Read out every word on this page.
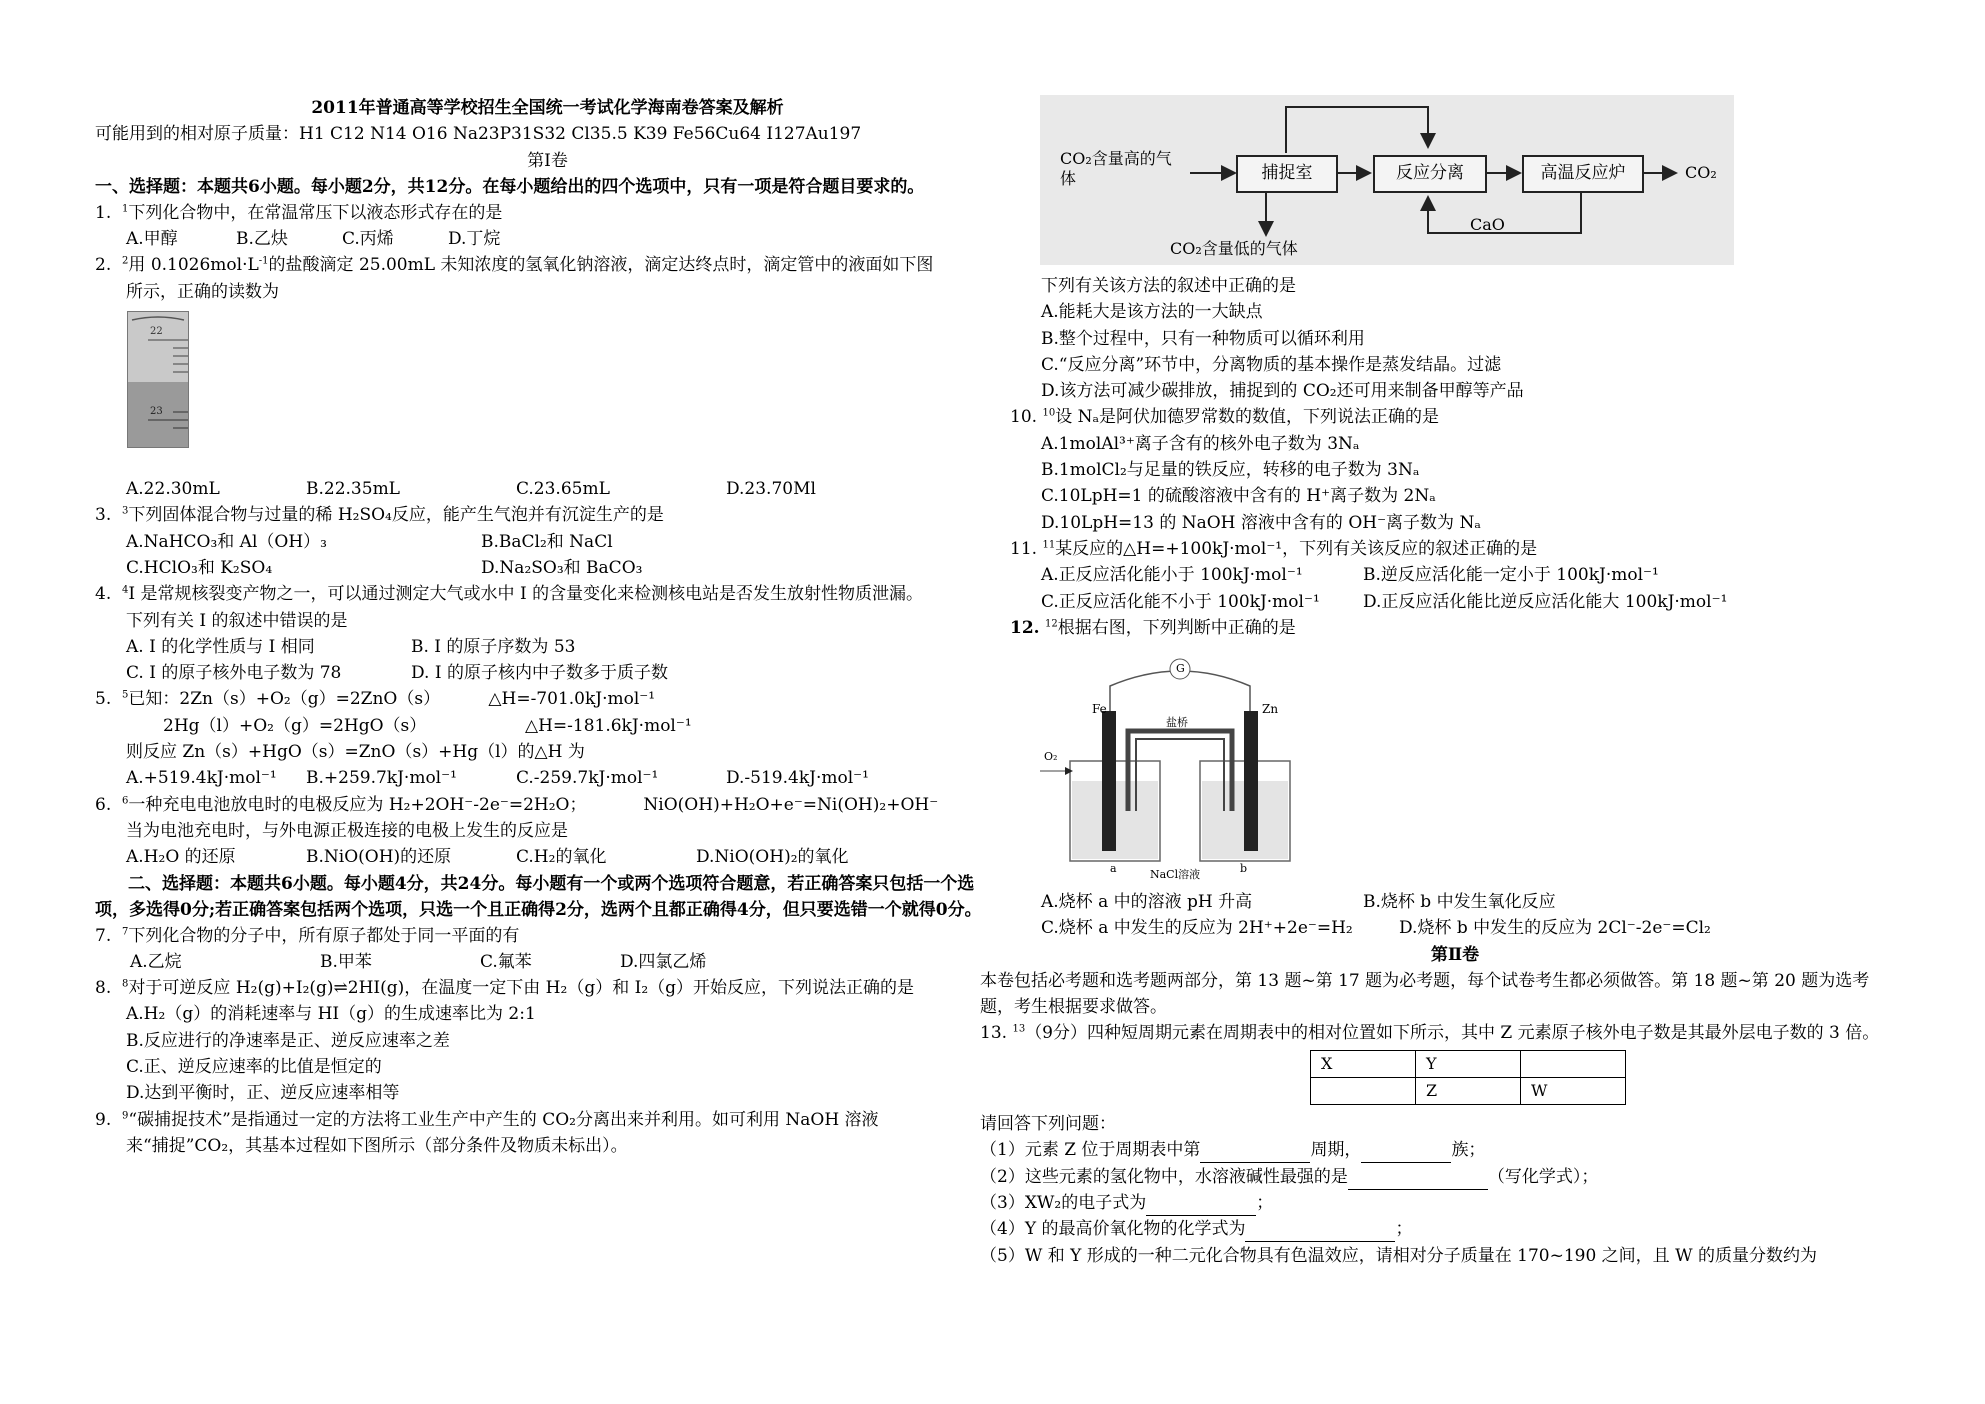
2011年普通高等学校招生全国统一考试化学海南卷答案及解析
可能用到的相对原子质量：H1 C12 N14 O16 Na23P31S32 Cl35.5 K39 Fe56Cu64 I127Au197
第Ⅰ卷
一、选择题：本题共6小题。每小题2分，共12分。在每小题给出的四个选项中，只有一项是符合题目要求的。
1. $^1$下列化合物中，在常温常压下以液态形式存在的是
A.甲醇	B.乙炔	C.丙烯	D.丁烷
2. $^2$用 $0.1026mol\cdot L^{-1}$的盐酸滴定 25.00mL 未知浓度的氢氧化钠溶液，滴定达终点时，滴定管中的液面如下图
所示，正确的读数为
22
23
A.22.30mL	B.22.35mL	C.23.65mL	D.23.70Ml
3. $^3$下列固体混合物与过量的稀 H₂SO₄反应，能产生气泡并有沉淀生产的是
A.NaHCO₃和 Al（OH）₃	B.BaCl₂和 NaCl
C.HClO₃和 K₂SO₄	D.Na₂SO₃和 BaCO₃
4. $^4$I 是常规核裂变产物之一，可以通过测定大气或水中 I 的含量变化来检测核电站是否发生放射性物质泄漏。
下列有关 I 的叙述中错误的是
A. I 的化学性质与 I 相同	B. I 的原子序数为 53
C. I 的原子核外电子数为 78	D. I 的原子核内中子数多于质子数
5. $^5$已知：2Zn（s）+O₂（g）=2ZnO（s）	△H=-701.0kJ·mol⁻¹
2Hg（l）+O₂（g）=2HgO（s）	△H=-181.6kJ·mol⁻¹
则反应 Zn（s）+HgO（s）=ZnO（s）+Hg（l）的△H 为
A.+519.4kJ·mol⁻¹	B.+259.7kJ·mol⁻¹	C.-259.7kJ·mol⁻¹	D.-519.4kJ·mol⁻¹
6. $^6$一种充电电池放电时的电极反应为 H₂+2OH⁻-2e⁻=2H₂O；	NiO(OH)+H₂O+e⁻=Ni(OH)₂+OH⁻
当为电池充电时，与外电源正极连接的电极上发生的反应是
A.H₂O 的还原	B.NiO(OH)的还原	C.H₂的氧化	D.NiO(OH)₂的氧化
二、选择题：本题共6小题。每小题4分，共24分。每小题有一个或两个选项符合题意，若正确答案只包括一个选项，多选得0分;若正确答案包括两个选项，只选一个且正确得2分，选两个且都正确得4分，但只要选错一个就得0分。
7. $^7$下列化合物的分子中，所有原子都处于同一平面的有
A.乙烷	B.甲苯	C.氟苯	D.四氯乙烯
8. $^8$对于可逆反应 H₂(g)+I₂(g)⇌2HI(g)，在温度一定下由 H₂（g）和 I₂（g）开始反应，下列说法正确的是
A.H₂（g）的消耗速率与 HI（g）的生成速率比为 2:1
B.反应进行的净速率是正、逆反应速率之差
C.正、逆反应速率的比值是恒定的
D.达到平衡时，正、逆反应速率相等
9. $^9$“碳捕捉技术”是指通过一定的方法将工业生产中产生的 CO₂分离出来并利用。如可利用 NaOH 溶液
来“捕捉”CO₂，其基本过程如下图所示（部分条件及物质未标出）。
CO₂含量高的气体	捕捉室	反应分离	高温反应炉	CO₂
CO₂含量低的气体
CaO
下列有关该方法的叙述中正确的是
A.能耗大是该方法的一大缺点
B.整个过程中，只有一种物质可以循环利用
C.“反应分离”环节中，分离物质的基本操作是蒸发结晶。过滤
D.该方法可减少碳排放，捕捉到的 CO₂还可用来制备甲醇等产品
10. $^{10}$设 Nₐ是阿伏加德罗常数的数值，下列说法正确的是
A.1molAl³⁺离子含有的核外电子数为 3Nₐ
B.1molCl₂与足量的铁反应，转移的电子数为 3Nₐ
C.10LpH=1 的硫酸溶液中含有的 H⁺离子数为 2Nₐ
D.10LpH=13 的 NaOH 溶液中含有的 OH⁻离子数为 Nₐ
11. $^{11}$某反应的△H=+100kJ·mol⁻¹，下列有关该反应的叙述正确的是
A.正反应活化能小于 100kJ·mol⁻¹	B.逆反应活化能一定小于 100kJ·mol⁻¹
C.正反应活化能不小于 100kJ·mol⁻¹	D.正反应活化能比逆反应活化能大 100kJ·mol⁻¹
12. $^{12}$根据右图，下列判断中正确的是
Fe	Zn
G
盐桥
O₂
a	b
NaCl溶液
A.烧杯 a 中的溶液 pH 升高	B.烧杯 b 中发生氧化反应
C.烧杯 a 中发生的反应为 2H⁺+2e⁻=H₂	D.烧杯 b 中发生的反应为 2Cl⁻-2e⁻=Cl₂
第Ⅱ卷
本卷包括必考题和选考题两部分，第 13 题~第 17 题为必考题，每个试卷考生都必须做答。第 18 题~第 20 题为选考题，考生根据要求做答。
13. $^{13}$（9分）四种短周期元素在周期表中的相对位置如下所示，其中 Z 元素原子核外电子数是其最外层电子数的 3 倍。
X	Y	
	Z	W
请回答下列问题：
（1）元素 Z 位于周期表中第	周期，	族；
（2）这些元素的氢化物中，水溶液碱性最强的是	（写化学式）；
（3）XW₂的电子式为	；
（4）Y 的最高价氧化物的化学式为	；
（5）W 和 Y 形成的一种二元化合物具有色温效应，请相对分子质量在 170~190 之间，且 W 的质量分数约为
